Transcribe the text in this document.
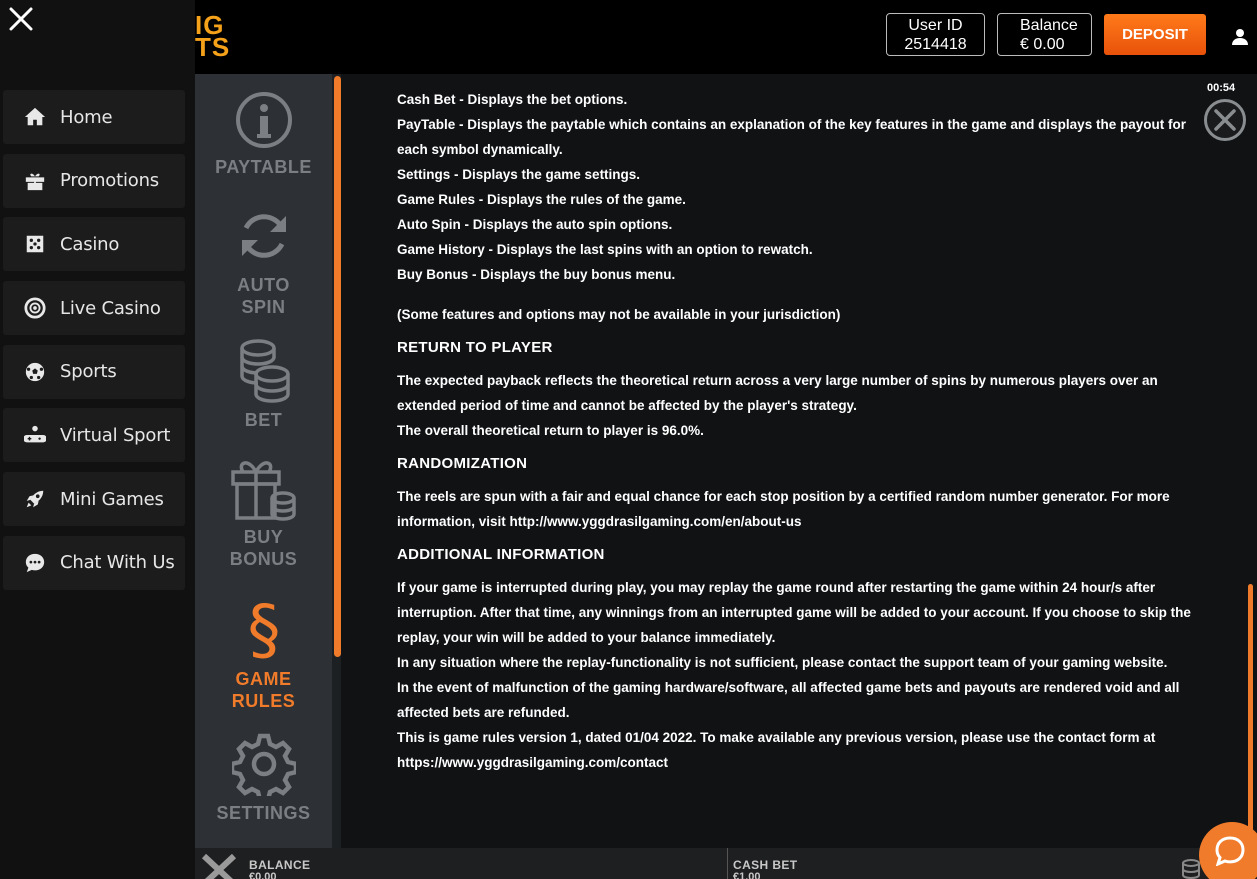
Home
Promotions
Casino
Live Casino
Sports
Virtual Sport
Mini Games
Chat With Us
IG
TS
User ID
2514418
Balance
€ 0.00
DEPOSIT
PAYTABLE
AUTO
SPIN
BET
BUY
BONUS
§
GAME
RULES
SETTINGS

Cash Bet - Displays the bet options.

PayTable - Displays the paytable which contains an explanation of the key features in the game and displays the payout for each symbol dynamically.

Settings - Displays the game settings.

Game Rules - Displays the rules of the game.

Auto Spin - Displays the auto spin options.

Game History - Displays the last spins with an option to rewatch.

Buy Bonus - Displays the buy bonus menu.

(Some features and options may not be available in your jurisdiction)

RETURN TO PLAYER

The expected payback reflects the theoretical return across a very large number of spins by numerous players over an extended period of time and cannot be affected by the player's strategy.

The overall theoretical return to player is 96.0%.

RANDOMIZATION

The reels are spun with a fair and equal chance for each stop position by a certified random number generator. For more information, visit http://www.yggdrasilgaming.com/en/about-us

ADDITIONAL INFORMATION

If your game is interrupted during play, you may replay the game round after restarting the game within 24 hour/s after interruption. After that time, any winnings from an interrupted game will be added to your account. If you choose to skip the replay, your win will be added to your balance immediately.

In any situation where the replay-functionality is not sufficient, please contact the support team of your gaming website.

In the event of malfunction of the gaming hardware/software, all affected game bets and payouts are rendered void and all affected bets are refunded.

This is game rules version 1, dated 01/04 2022. To make available any previous version, please use the contact form at https://www.yggdrasilgaming.com/contact

00:54
BALANCE
€0.00
CASH BET
€1.00
